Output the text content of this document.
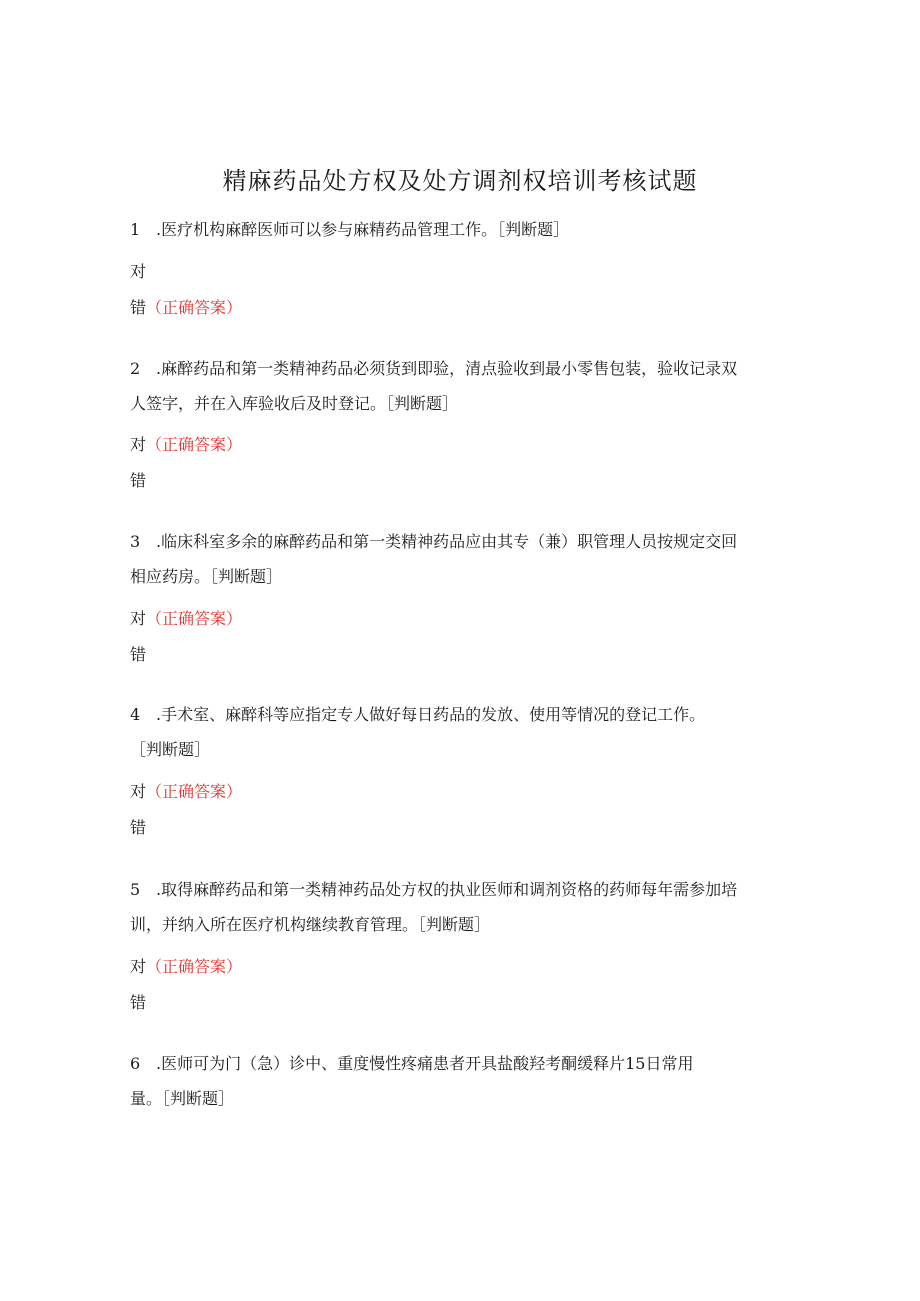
精麻药品处方权及处方调剂权培训考核试题
1 .医疗机构麻醉医师可以参与麻精药品管理工作。［判断题］
对
错（正确答案）
2 .麻醉药品和第一类精神药品必须货到即验，清点验收到最小零售包装，验收记录双
人签字，并在入库验收后及时登记。［判断题］
对（正确答案）
错
3 .临床科室多余的麻醉药品和第一类精神药品应由其专（兼）职管理人员按规定交回
相应药房。［判断题］
对（正确答案）
错
4 .手术室、麻醉科等应指定专人做好每日药品的发放、使用等情况的登记工作。
［判断题］
对（正确答案）
错
5 .取得麻醉药品和第一类精神药品处方权的执业医师和调剂资格的药师每年需参加培
训，并纳入所在医疗机构继续教育管理。［判断题］
对（正确答案）
错
6 .医师可为门（急）诊中、重度慢性疼痛患者开具盐酸羟考酮缓释片15日常用
量。［判断题］
